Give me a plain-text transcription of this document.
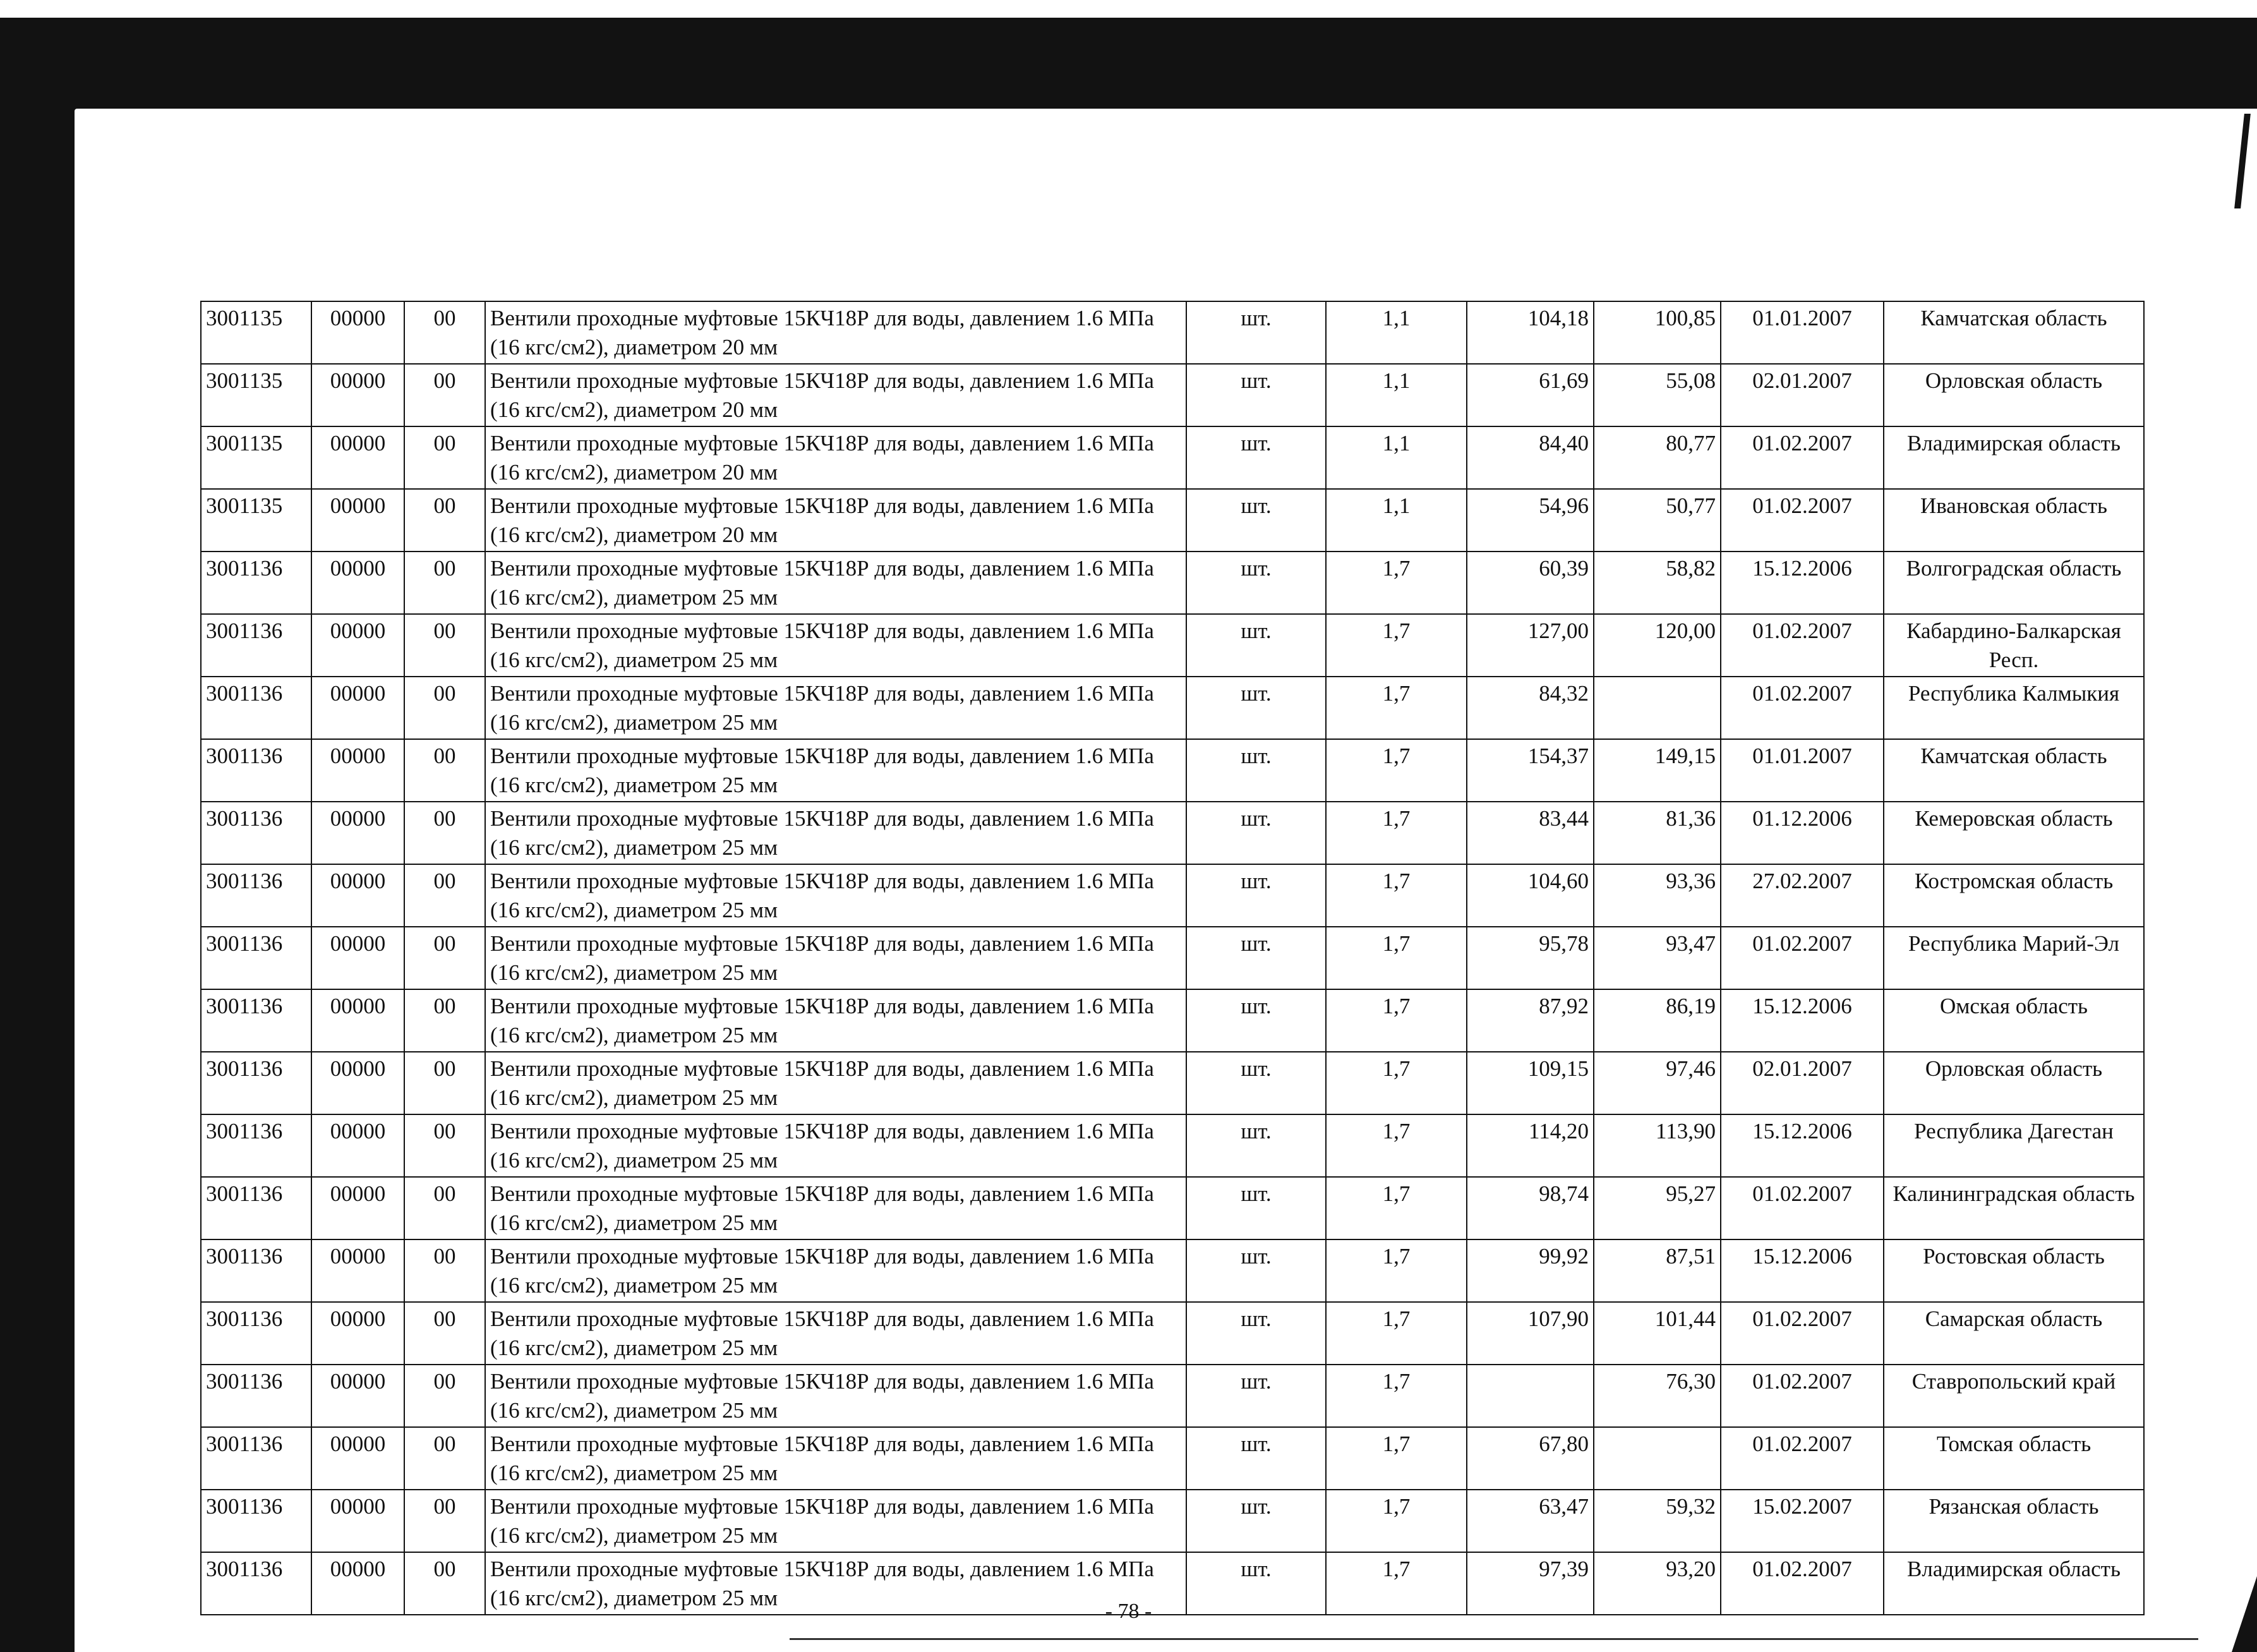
3001135	00000	00	Вентили проходные муфтовые 15КЧ18Р для воды, давлением 1.6 МПа (16 кгс/см2), диаметром 20 мм	шт.	1,1	104,18	100,85	01.01.2007	Камчатская область
3001135	00000	00	Вентили проходные муфтовые 15КЧ18Р для воды, давлением 1.6 МПа (16 кгс/см2), диаметром 20 мм	шт.	1,1	61,69	55,08	02.01.2007	Орловская область
3001135	00000	00	Вентили проходные муфтовые 15КЧ18Р для воды, давлением 1.6 МПа (16 кгс/см2), диаметром 20 мм	шт.	1,1	84,40	80,77	01.02.2007	Владимирская область
3001135	00000	00	Вентили проходные муфтовые 15КЧ18Р для воды, давлением 1.6 МПа (16 кгс/см2), диаметром 20 мм	шт.	1,1	54,96	50,77	01.02.2007	Ивановская область
3001136	00000	00	Вентили проходные муфтовые 15КЧ18Р для воды, давлением 1.6 МПа (16 кгс/см2), диаметром 25 мм	шт.	1,7	60,39	58,82	15.12.2006	Волгоградская область
3001136	00000	00	Вентили проходные муфтовые 15КЧ18Р для воды, давлением 1.6 МПа (16 кгс/см2), диаметром 25 мм	шт.	1,7	127,00	120,00	01.02.2007	Кабардино-Балкарская Респ.
3001136	00000	00	Вентили проходные муфтовые 15КЧ18Р для воды, давлением 1.6 МПа (16 кгс/см2), диаметром 25 мм	шт.	1,7	84,32		01.02.2007	Республика Калмыкия
3001136	00000	00	Вентили проходные муфтовые 15КЧ18Р для воды, давлением 1.6 МПа (16 кгс/см2), диаметром 25 мм	шт.	1,7	154,37	149,15	01.01.2007	Камчатская область
3001136	00000	00	Вентили проходные муфтовые 15КЧ18Р для воды, давлением 1.6 МПа (16 кгс/см2), диаметром 25 мм	шт.	1,7	83,44	81,36	01.12.2006	Кемеровская область
3001136	00000	00	Вентили проходные муфтовые 15КЧ18Р для воды, давлением 1.6 МПа (16 кгс/см2), диаметром 25 мм	шт.	1,7	104,60	93,36	27.02.2007	Костромская область
3001136	00000	00	Вентили проходные муфтовые 15КЧ18Р для воды, давлением 1.6 МПа (16 кгс/см2), диаметром 25 мм	шт.	1,7	95,78	93,47	01.02.2007	Республика Марий-Эл
3001136	00000	00	Вентили проходные муфтовые 15КЧ18Р для воды, давлением 1.6 МПа (16 кгс/см2), диаметром 25 мм	шт.	1,7	87,92	86,19	15.12.2006	Омская область
3001136	00000	00	Вентили проходные муфтовые 15КЧ18Р для воды, давлением 1.6 МПа (16 кгс/см2), диаметром 25 мм	шт.	1,7	109,15	97,46	02.01.2007	Орловская область
3001136	00000	00	Вентили проходные муфтовые 15КЧ18Р для воды, давлением 1.6 МПа (16 кгс/см2), диаметром 25 мм	шт.	1,7	114,20	113,90	15.12.2006	Республика Дагестан
3001136	00000	00	Вентили проходные муфтовые 15КЧ18Р для воды, давлением 1.6 МПа (16 кгс/см2), диаметром 25 мм	шт.	1,7	98,74	95,27	01.02.2007	Калининградская область
3001136	00000	00	Вентили проходные муфтовые 15КЧ18Р для воды, давлением 1.6 МПа (16 кгс/см2), диаметром 25 мм	шт.	1,7	99,92	87,51	15.12.2006	Ростовская область
3001136	00000	00	Вентили проходные муфтовые 15КЧ18Р для воды, давлением 1.6 МПа (16 кгс/см2), диаметром 25 мм	шт.	1,7	107,90	101,44	01.02.2007	Самарская область
3001136	00000	00	Вентили проходные муфтовые 15КЧ18Р для воды, давлением 1.6 МПа (16 кгс/см2), диаметром 25 мм	шт.	1,7		76,30	01.02.2007	Ставропольский край
3001136	00000	00	Вентили проходные муфтовые 15КЧ18Р для воды, давлением 1.6 МПа (16 кгс/см2), диаметром 25 мм	шт.	1,7	67,80		01.02.2007	Томская область
3001136	00000	00	Вентили проходные муфтовые 15КЧ18Р для воды, давлением 1.6 МПа (16 кгс/см2), диаметром 25 мм	шт.	1,7	63,47	59,32	15.02.2007	Рязанская область
3001136	00000	00	Вентили проходные муфтовые 15КЧ18Р для воды, давлением 1.6 МПа (16 кгс/см2), диаметром 25 мм	шт.	1,7	97,39	93,20	01.02.2007	Владимирская область
- 78 -
